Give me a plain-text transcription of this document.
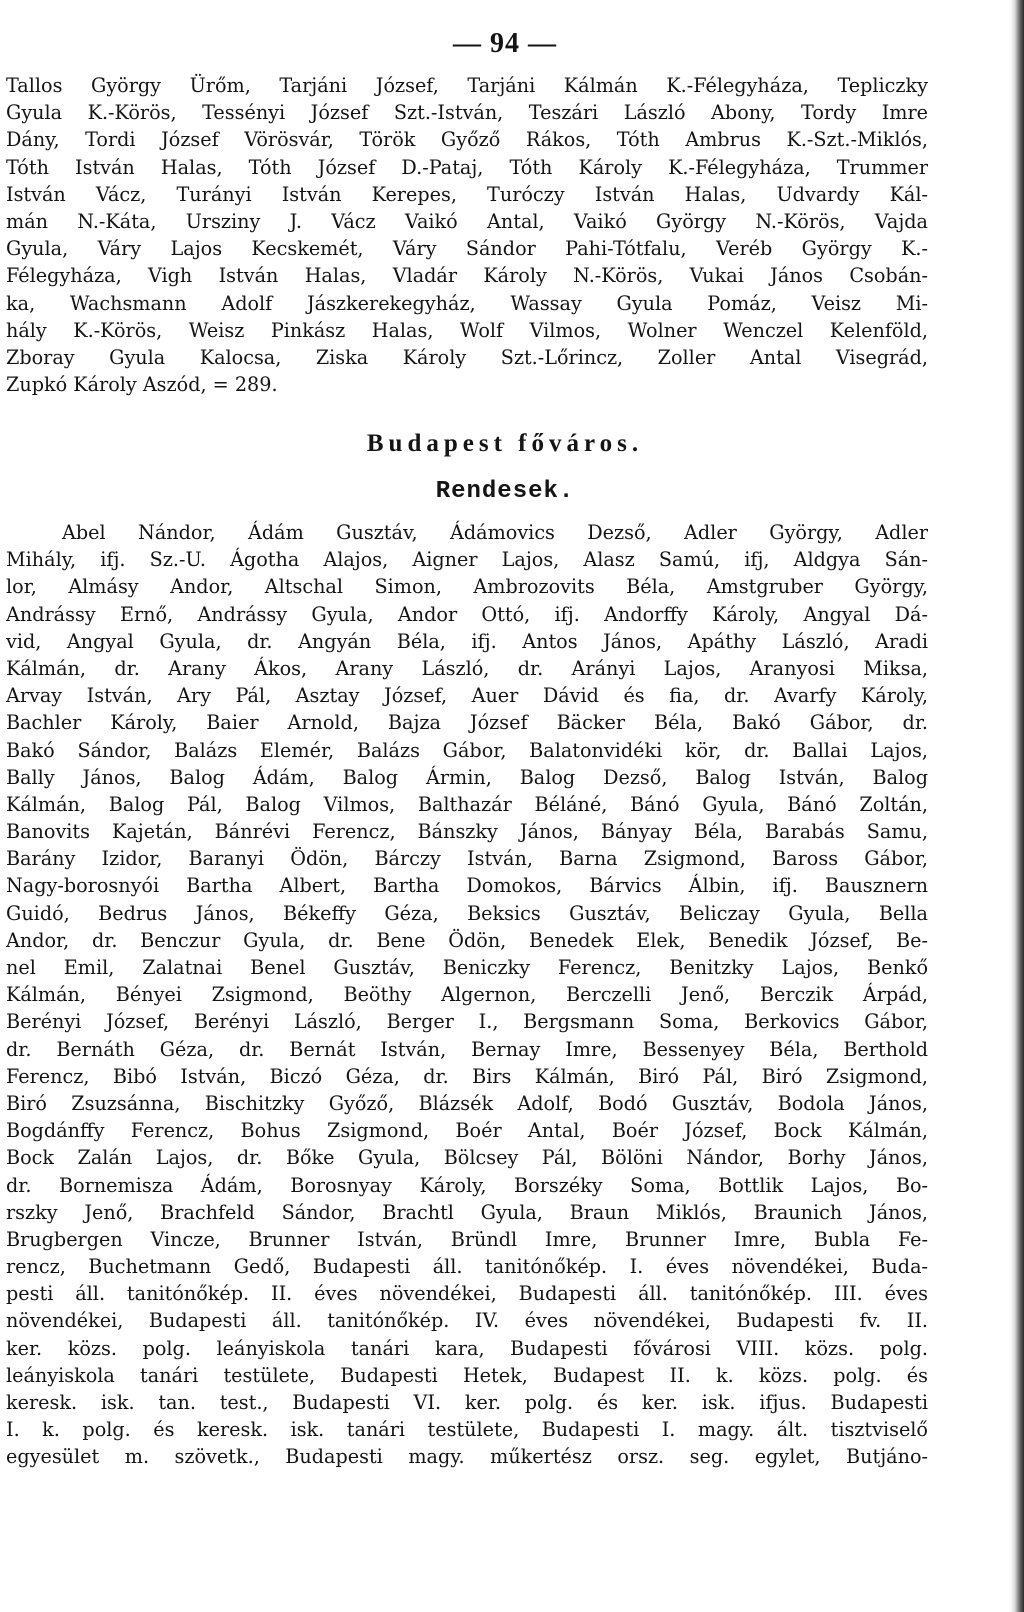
— 94 —
Tallos György Ürőm, Tarjáni József, Tarjáni Kálmán K.-Félegyháza, Tepliczky
Gyula K.-Körös, Tessényi József Szt.-István, Teszári László Abony, Tordy Imre
Dány, Tordi József Vörösvár, Török Győző Rákos, Tóth Ambrus K.-Szt.-Miklós,
Tóth István Halas, Tóth József D.-Pataj, Tóth Károly K.-Félegyháza, Trummer
István Vácz, Turányi István Kerepes, Turóczy István Halas, Udvardy Kál-
mán N.-Káta, Ursziny J. Vácz Vaikó Antal, Vaikó György N.-Körös, Vajda
Gyula, Váry Lajos Kecskemét, Váry Sándor Pahi-Tótfalu, Veréb György K.-
Félegyháza, Vigh István Halas, Vladár Károly N.-Körös, Vukai János Csobán-
ka, Wachsmann Adolf Jászkerekegyház, Wassay Gyula Pomáz, Veisz Mi-
hály K.-Körös, Weisz Pinkász Halas, Wolf Vilmos, Wolner Wenczel Kelenföld,
Zboray Gyula Kalocsa, Ziska Károly Szt.-Lőrincz, Zoller Antal Visegrád,
Zupkó Károly Aszód, = 289.
Budapest főváros.
Rendesek.
Abel Nándor, Ádám Gusztáv, Ádámovics Dezső, Adler György, Adler
Mihály, ifj. Sz.-U. Ágotha Alajos, Aigner Lajos, Alasz Samú, ifj, Aldgya Sán-
lor, Almásy Andor, Altschal Simon, Ambrozovits Béla, Amstgruber György,
Andrássy Ernő, Andrássy Gyula, Andor Ottó, ifj. Andorffy Károly, Angyal Dá-
vid, Angyal Gyula, dr. Angyán Béla, ifj. Antos János, Apáthy László, Aradi
Kálmán, dr. Arany Ákos, Arany László, dr. Arányi Lajos, Aranyosi Miksa,
Arvay István, Ary Pál, Asztay József, Auer Dávid és fia, dr. Avarfy Károly,
Bachler Károly, Baier Arnold, Bajza József Bäcker Béla, Bakó Gábor, dr.
Bakó Sándor, Balázs Elemér, Balázs Gábor, Balatonvidéki kör, dr. Ballai Lajos,
Bally János, Balog Ádám, Balog Ármin, Balog Dezső, Balog István, Balog
Kálmán, Balog Pál, Balog Vilmos, Balthazár Béláné, Bánó Gyula, Bánó Zoltán,
Banovits Kajetán, Bánrévi Ferencz, Bánszky János, Bányay Béla, Barabás Samu,
Barány Izidor, Baranyi Ödön, Bárczy István, Barna Zsigmond, Baross Gábor,
Nagy-borosnyói Bartha Albert, Bartha Domokos, Bárvics Álbin, ifj. Bausznern
Guidó, Bedrus János, Békeffy Géza, Beksics Gusztáv, Beliczay Gyula, Bella
Andor, dr. Benczur Gyula, dr. Bene Ödön, Benedek Elek, Benedik József, Be-
nel Emil, Zalatnai Benel Gusztáv, Beniczky Ferencz, Benitzky Lajos, Benkő
Kálmán, Bényei Zsigmond, Beöthy Algernon, Berczelli Jenő, Berczik Árpád,
Berényi József, Berényi László, Berger I., Bergsmann Soma, Berkovics Gábor,
dr. Bernáth Géza, dr. Bernát István, Bernay Imre, Bessenyey Béla, Berthold
Ferencz, Bibó István, Biczó Géza, dr. Birs Kálmán, Biró Pál, Biró Zsigmond,
Biró Zsuzsánna, Bischitzky Győző, Blázsék Adolf, Bodó Gusztáv, Bodola János,
Bogdánffy Ferencz, Bohus Zsigmond, Boér Antal, Boér József, Bock Kálmán,
Bock Zalán Lajos, dr. Bőke Gyula, Bölcsey Pál, Bölöni Nándor, Borhy János,
dr. Bornemisza Ádám, Borosnyay Károly, Borszéky Soma, Bottlik Lajos, Bo-
rszky Jenő, Brachfeld Sándor, Brachtl Gyula, Braun Miklós, Braunich János,
Brugbergen Vincze, Brunner István, Bründl Imre, Brunner Imre, Bubla Fe-
rencz, Buchetmann Gedő, Budapesti áll. tanitónőkép. I. éves növendékei, Buda-
pesti áll. tanitónőkép. II. éves növendékei, Budapesti áll. tanitónőkép. III. éves
növendékei, Budapesti áll. tanitónőkép. IV. éves növendékei, Budapesti fv. II.
ker. közs. polg. leányiskola tanári kara, Budapesti fővárosi VIII. közs. polg.
leányiskola tanári testülete, Budapesti Hetek, Budapest II. k. közs. polg. és
keresk. isk. tan. test., Budapesti VI. ker. polg. és ker. isk. ifjus. Budapesti
I. k. polg. és keresk. isk. tanári testülete, Budapesti I. magy. ált. tisztviselő
egyesület m. szövetk., Budapesti magy. műkertész orsz. seg. egylet, Butjáno-
